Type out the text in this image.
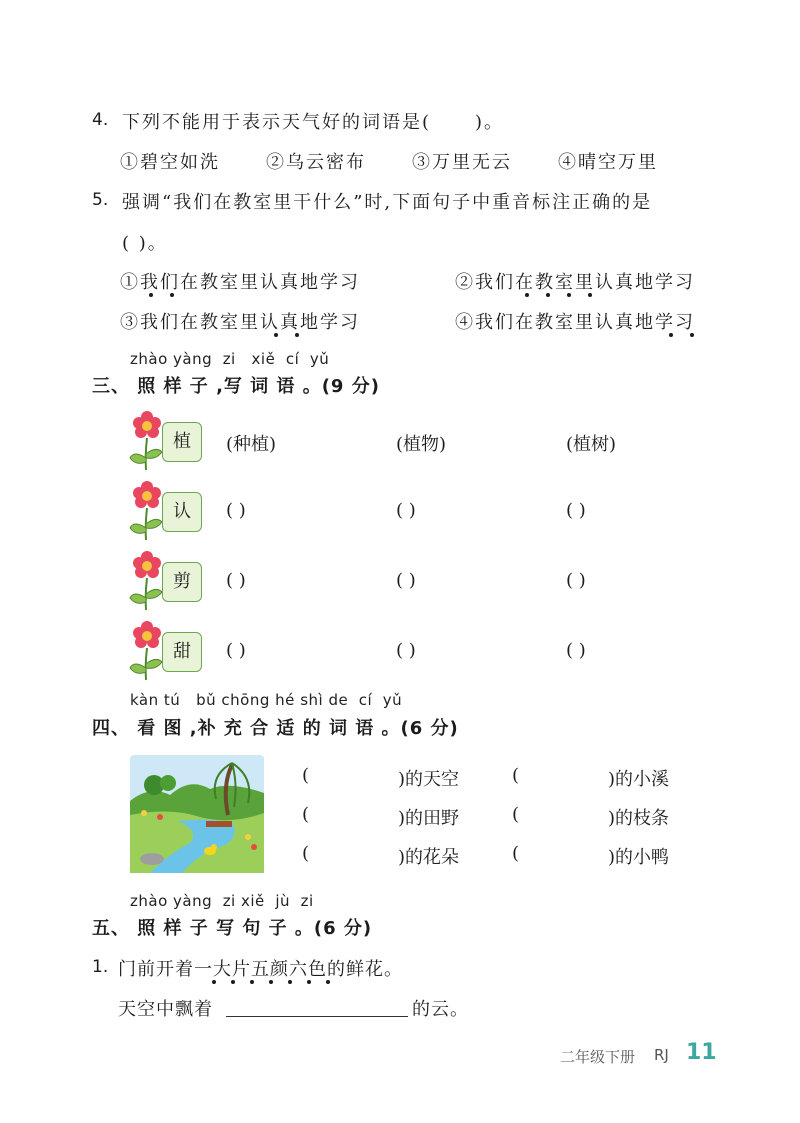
4. 下列不能用于表示天气好的词语是( )。
①碧空如洗	②乌云密布	③万里无云	④晴空万里
5. 强调“我们在教室里干什么”时,下面句子中重音标注正确的是
( )。
①我们在教室里认真地学习	②我们在教室里认真地学习
③我们在教室里认真地学习	④我们在教室里认真地学习
zhào yàng zi xiě cí yǔ
三、 照 样 子 ,写 词 语 。(9 分)
植	(种植)	(植物)	(植树)
认	( )	( )	( )
剪	( )	( )	( )
甜	( )	( )	( )
kàn tú bǔ chōng hé shì de cí yǔ
四、 看 图 ,补 充 合 适 的 词 语 。(6 分)
(	)的天空	(	)的小溪
(	)的田野	(	)的枝条
(	)的花朵	(	)的小鸭
zhào yàng zi xiě jù zi
五、 照 样 子 写 句 子 。(6 分)
1. 门前开着一大片五颜六色的鲜花。
天空中飘着	的云。
二年级下册 RJ 11
